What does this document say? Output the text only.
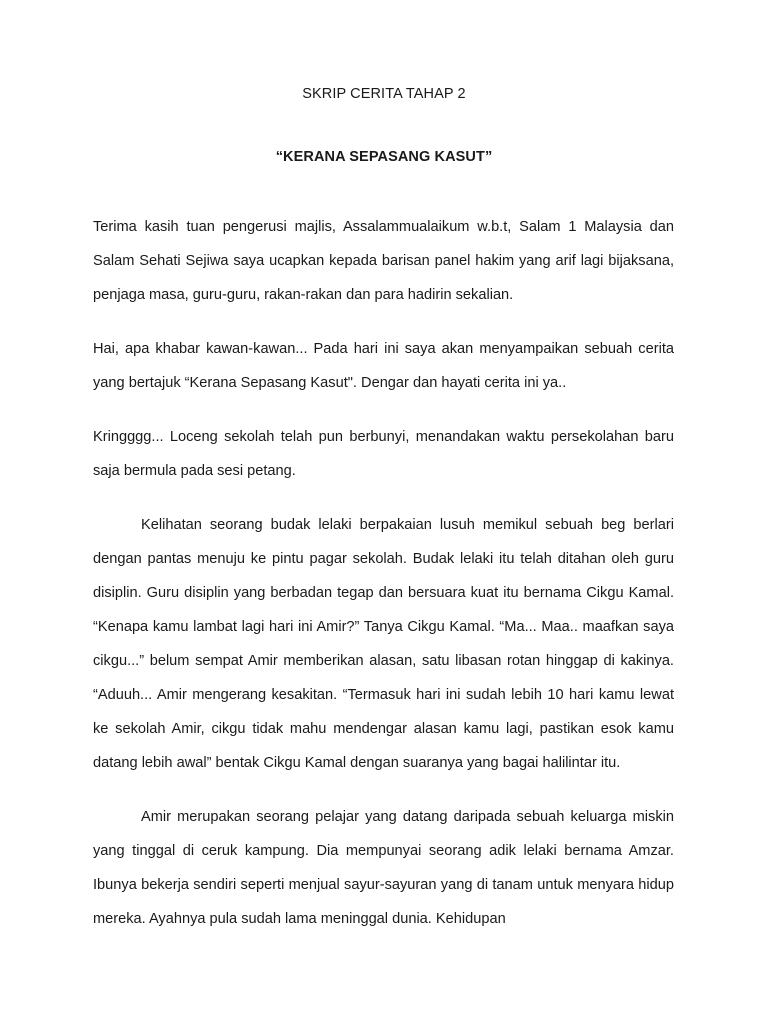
SKRIP CERITA TAHAP 2
“KERANA SEPASANG KASUT”

Terima kasih tuan pengerusi majlis, Assalammualaikum w.b.t, Salam 1 Malaysia dan Salam Sehati Sejiwa saya ucapkan kepada barisan panel hakim yang arif lagi bijaksana, penjaga masa, guru-guru, rakan-rakan dan para hadirin sekalian.

Hai, apa khabar kawan-kawan... Pada hari ini saya akan menyampaikan sebuah cerita yang bertajuk “Kerana Sepasang Kasut". Dengar dan hayati cerita ini ya..

Kringggg... Loceng sekolah telah pun berbunyi, menandakan waktu persekolahan baru saja bermula pada sesi petang.

Kelihatan seorang budak lelaki berpakaian lusuh memikul sebuah beg berlari dengan pantas menuju ke pintu pagar sekolah. Budak lelaki itu telah ditahan oleh guru disiplin. Guru disiplin yang berbadan tegap dan bersuara kuat itu bernama Cikgu Kamal. “Kenapa kamu lambat lagi hari ini Amir?” Tanya Cikgu Kamal. “Ma... Maa.. maafkan saya cikgu...” belum sempat Amir memberikan alasan, satu libasan rotan hinggap di kakinya. “Aduuh... Amir mengerang kesakitan. “Termasuk hari ini sudah lebih 10 hari kamu lewat ke sekolah Amir, cikgu tidak mahu mendengar alasan kamu lagi, pastikan esok kamu datang lebih awal” bentak Cikgu Kamal dengan suaranya yang bagai halilintar itu.

Amir merupakan seorang pelajar yang datang daripada sebuah keluarga miskin yang tinggal di ceruk kampung. Dia mempunyai seorang adik lelaki bernama Amzar. Ibunya bekerja sendiri seperti menjual sayur-sayuran yang di tanam untuk menyara hidup mereka. Ayahnya pula sudah lama meninggal dunia. Kehidupan
